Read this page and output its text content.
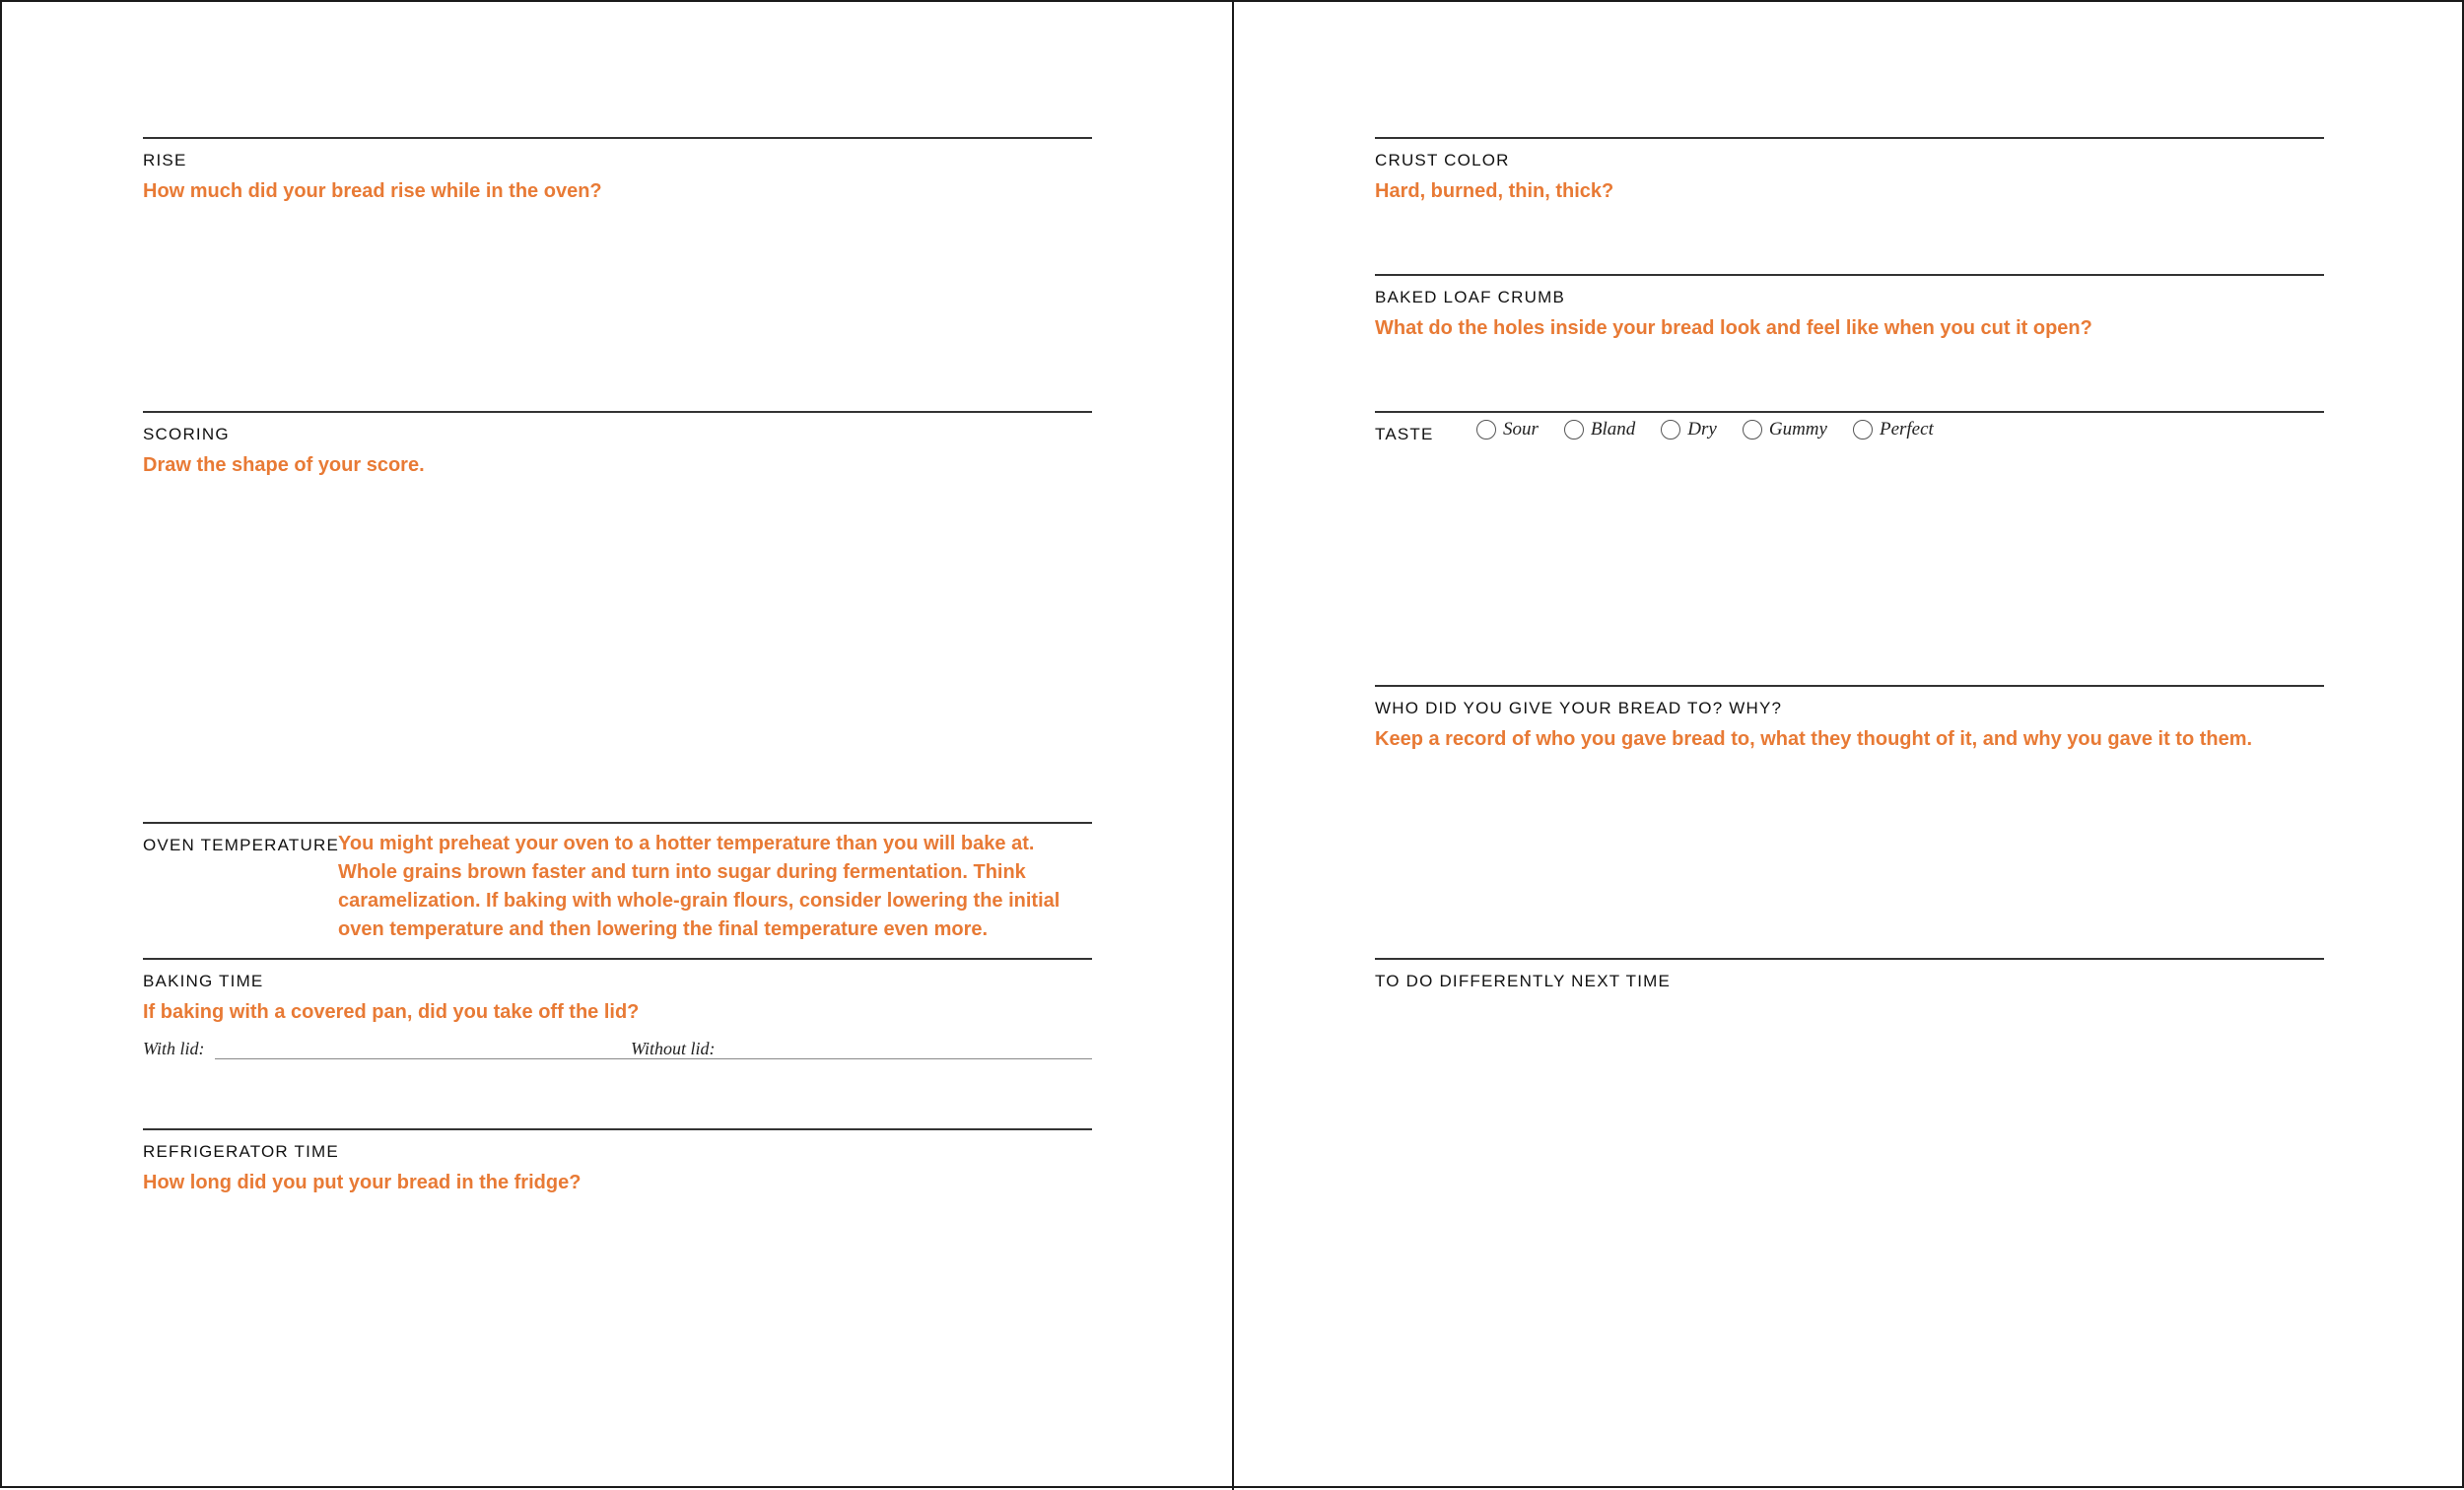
RISE
How much did your bread rise while in the oven?
SCORING
Draw the shape of your score.
OVEN TEMPERATURE You might preheat your oven to a hotter temperature than you will bake at. Whole grains brown faster and turn into sugar during fermentation. Think caramelization. If baking with whole-grain flours, consider lowering the initial oven temperature and then lowering the final temperature even more.
BAKING TIME
If baking with a covered pan, did you take off the lid?
With lid:	Without lid:
REFRIGERATOR TIME
How long did you put your bread in the fridge?
CRUST COLOR
Hard, burned, thin, thick?
BAKED LOAF CRUMB
What do the holes inside your bread look and feel like when you cut it open?
TASTE	Sour	Bland	Dry	Gummy	Perfect
WHO DID YOU GIVE YOUR BREAD TO? WHY?
Keep a record of who you gave bread to, what they thought of it, and why you gave it to them.
TO DO DIFFERENTLY NEXT TIME
